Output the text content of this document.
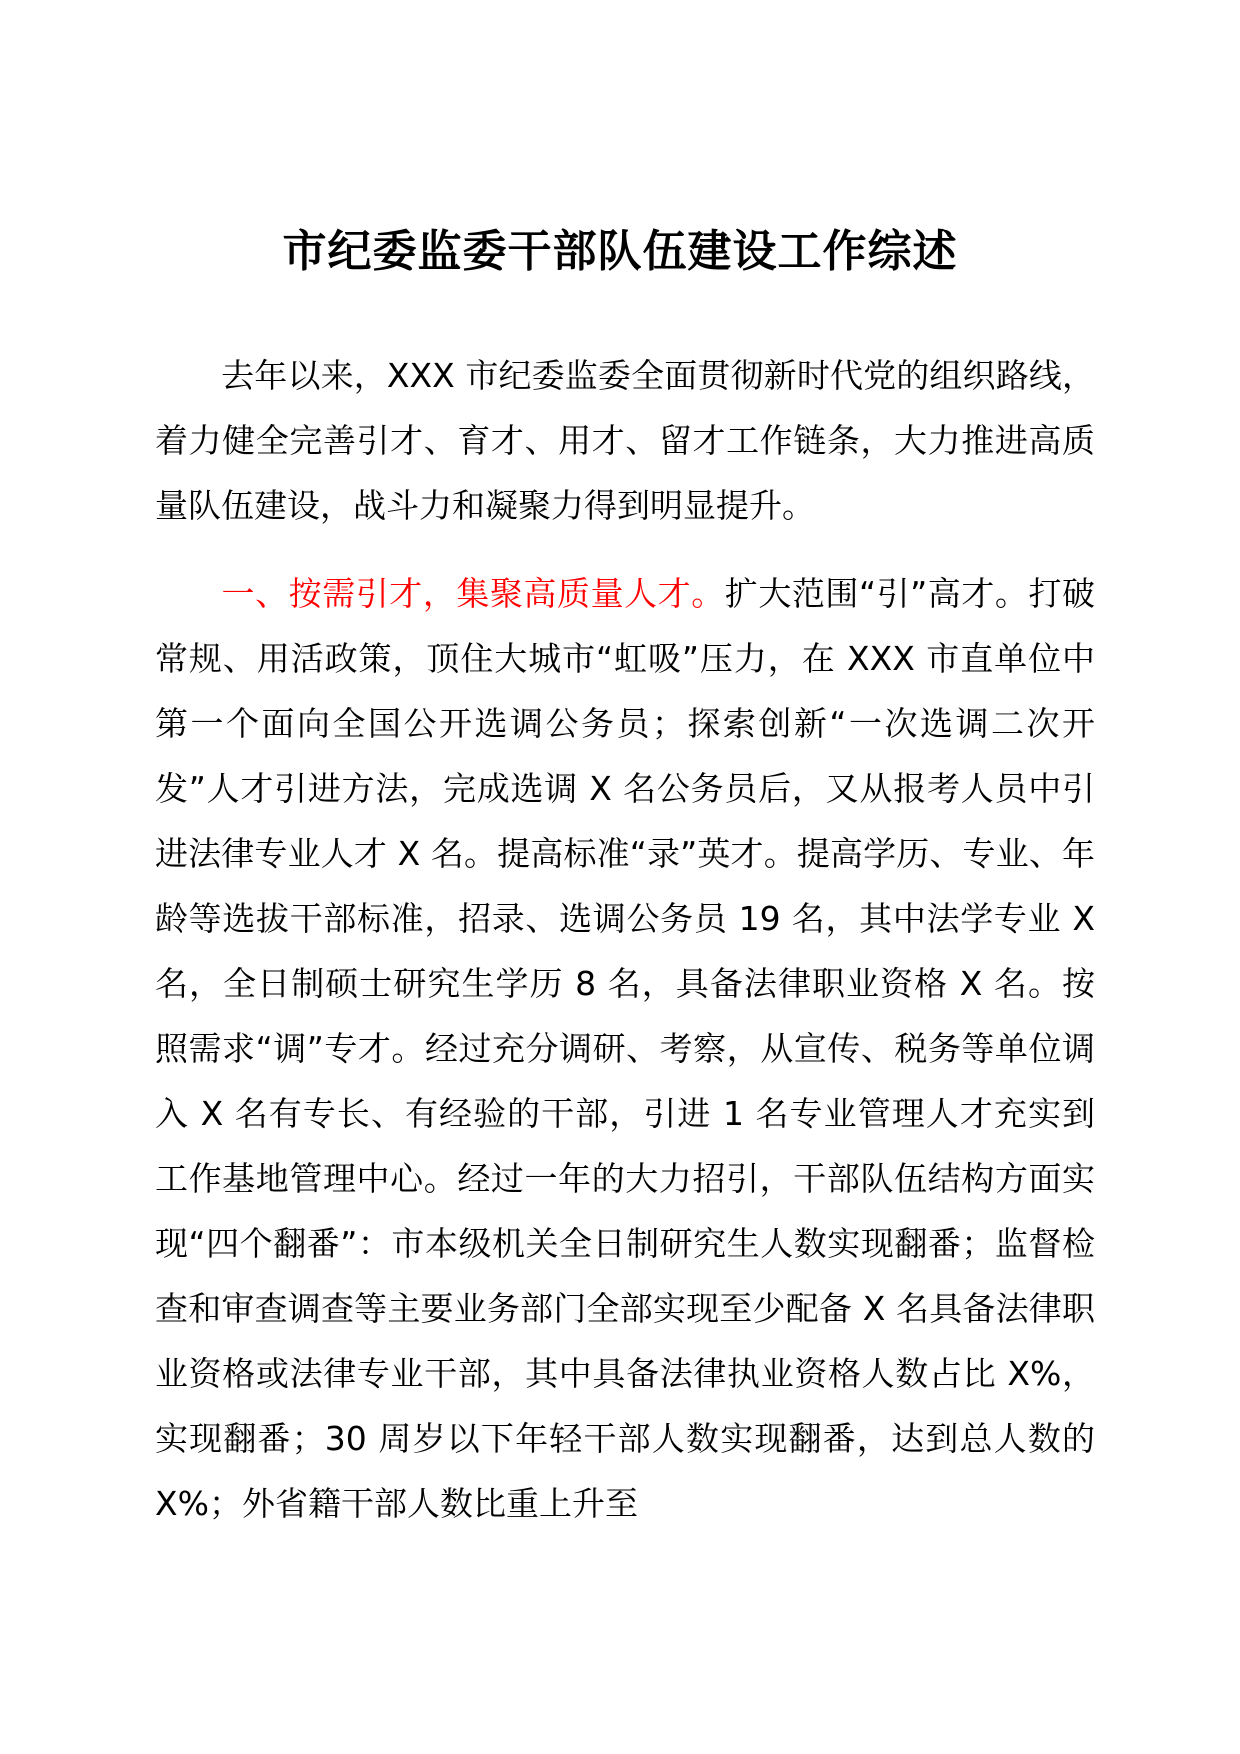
市纪委监委干部队伍建设工作综述
去年以来，XXX 市纪委监委全面贯彻新时代党的组织路线，着力健全完善引才、育才、用才、留才工作链条，大力推进高质量队伍建设，战斗力和凝聚力得到明显提升。
一、按需引才，集聚高质量人才。扩大范围“引”高才。打破常规、用活政策，顶住大城市“虹吸”压力，在 XXX 市直单位中第一个面向全国公开选调公务员；探索创新“一次选调二次开发”人才引进方法，完成选调 X 名公务员后，又从报考人员中引进法律专业人才 X 名。提高标准“录”英才。提高学历、专业、年龄等选拔干部标准，招录、选调公务员 19 名，其中法学专业 X 名，全日制硕士研究生学历 8 名，具备法律职业资格 X 名。按照需求“调”专才。经过充分调研、考察，从宣传、税务等单位调入 X 名有专长、有经验的干部，引进 1 名专业管理人才充实到工作基地管理中心。经过一年的大力招引，干部队伍结构方面实现“四个翻番”：市本级机关全日制研究生人数实现翻番；监督检查和审查调查等主要业务部门全部实现至少配备 X 名具备法律职业资格或法律专业干部，其中具备法律执业资格人数占比 X%，实现翻番；30 周岁以下年轻干部人数实现翻番，达到总人数的 X%；外省籍干部人数比重上升至
